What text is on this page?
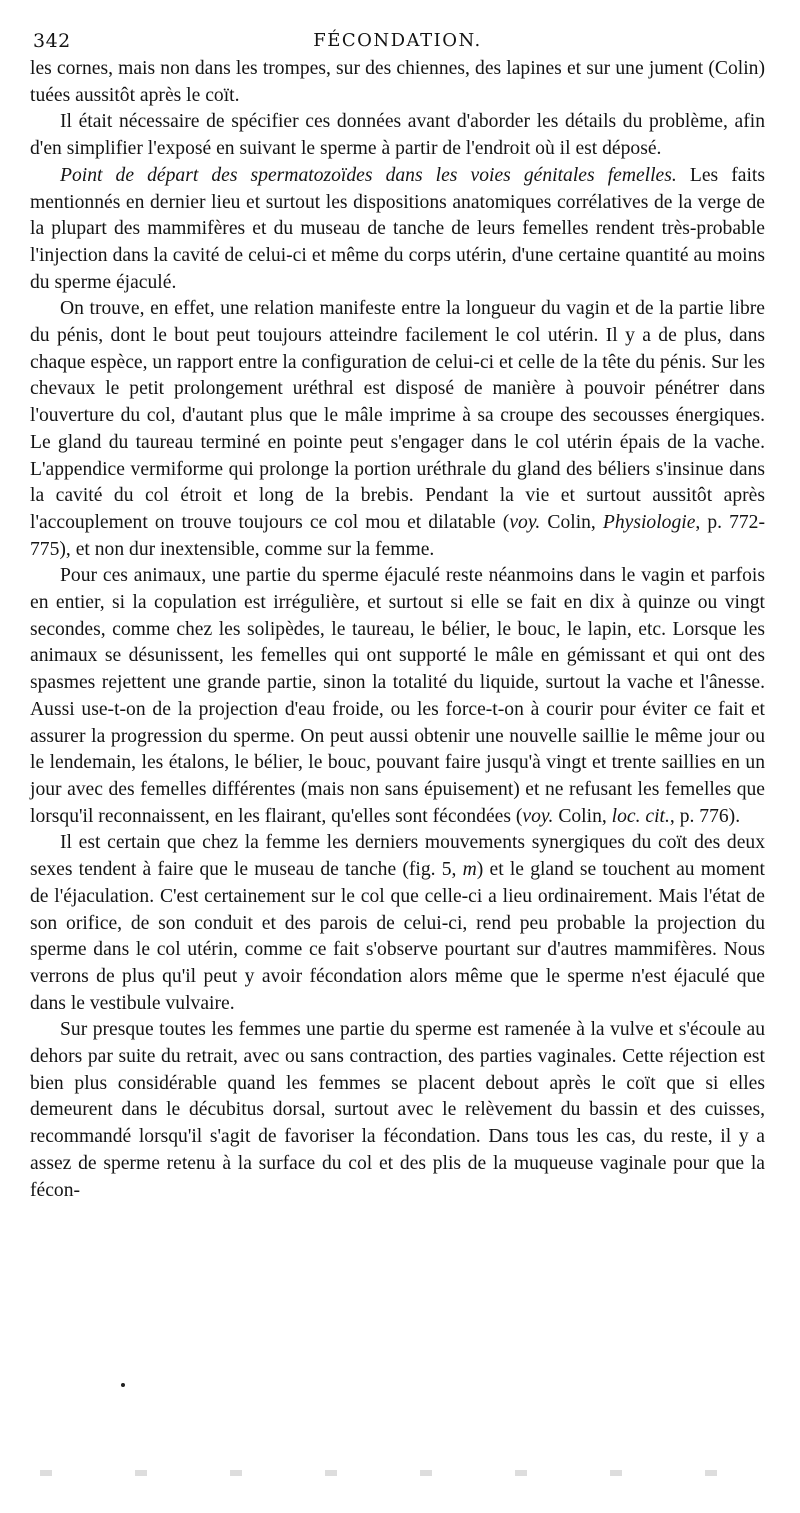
342	FÉCONDATION.

les cornes, mais non dans les trompes, sur des chiennes, des lapines et sur une jument (Colin) tuées aussitôt après le coït.

Il était nécessaire de spécifier ces données avant d'aborder les détails du problème, afin d'en simplifier l'exposé en suivant le sperme à partir de l'endroit où il est déposé.

Point de départ des spermatozoïdes dans les voies génitales femelles. Les faits mentionnés en dernier lieu et surtout les dispositions anatomiques corrélatives de la verge de la plupart des mammifères et du museau de tanche de leurs femelles rendent très-probable l'injection dans la cavité de celui-ci et même du corps utérin, d'une certaine quantité au moins du sperme éjaculé.

On trouve, en effet, une relation manifeste entre la longueur du vagin et de la partie libre du pénis, dont le bout peut toujours atteindre facilement le col utérin. Il y a de plus, dans chaque espèce, un rapport entre la configuration de celui-ci et celle de la tête du pénis. Sur les chevaux le petit prolongement uréthral est disposé de manière à pouvoir pénétrer dans l'ouverture du col, d'autant plus que le mâle imprime à sa croupe des secousses énergiques. Le gland du taureau terminé en pointe peut s'engager dans le col utérin épais de la vache. L'appendice vermiforme qui prolonge la portion uréthrale du gland des béliers s'insinue dans la cavité du col étroit et long de la brebis. Pendant la vie et surtout aussitôt après l'accouplement on trouve toujours ce col mou et dilatable (voy. Colin, Physiologie, p. 772-775), et non dur inextensible, comme sur la femme.

Pour ces animaux, une partie du sperme éjaculé reste néanmoins dans le vagin et parfois en entier, si la copulation est irrégulière, et surtout si elle se fait en dix à quinze ou vingt secondes, comme chez les solipèdes, le taureau, le bélier, le bouc, le lapin, etc. Lorsque les animaux se désunissent, les femelles qui ont supporté le mâle en gémissant et qui ont des spasmes rejettent une grande partie, sinon la totalité du liquide, surtout la vache et l'ânesse. Aussi use-t-on de la projection d'eau froide, ou les force-t-on à courir pour éviter ce fait et assurer la progression du sperme. On peut aussi obtenir une nouvelle saillie le même jour ou le lendemain, les étalons, le bélier, le bouc, pouvant faire jusqu'à vingt et trente saillies en un jour avec des femelles différentes (mais non sans épuisement) et ne refusant les femelles que lorsqu'il reconnaissent, en les flairant, qu'elles sont fécondées (voy. Colin, loc. cit., p. 776).

Il est certain que chez la femme les derniers mouvements synergiques du coït des deux sexes tendent à faire que le museau de tanche (fig. 5, m) et le gland se touchent au moment de l'éjaculation. C'est certainement sur le col que celle-ci a lieu ordinairement. Mais l'état de son orifice, de son conduit et des parois de celui-ci, rend peu probable la projection du sperme dans le col utérin, comme ce fait s'observe pourtant sur d'autres mammifères. Nous verrons de plus qu'il peut y avoir fécondation alors même que le sperme n'est éjaculé que dans le vestibule vulvaire.

Sur presque toutes les femmes une partie du sperme est ramenée à la vulve et s'écoule au dehors par suite du retrait, avec ou sans contraction, des parties vaginales. Cette réjection est bien plus considérable quand les femmes se placent debout après le coït que si elles demeurent dans le décubitus dorsal, surtout avec le relèvement du bassin et des cuisses, recommandé lorsqu'il s'agit de favoriser la fécondation. Dans tous les cas, du reste, il y a assez de sperme retenu à la surface du col et des plis de la muqueuse vaginale pour que la fécon-
